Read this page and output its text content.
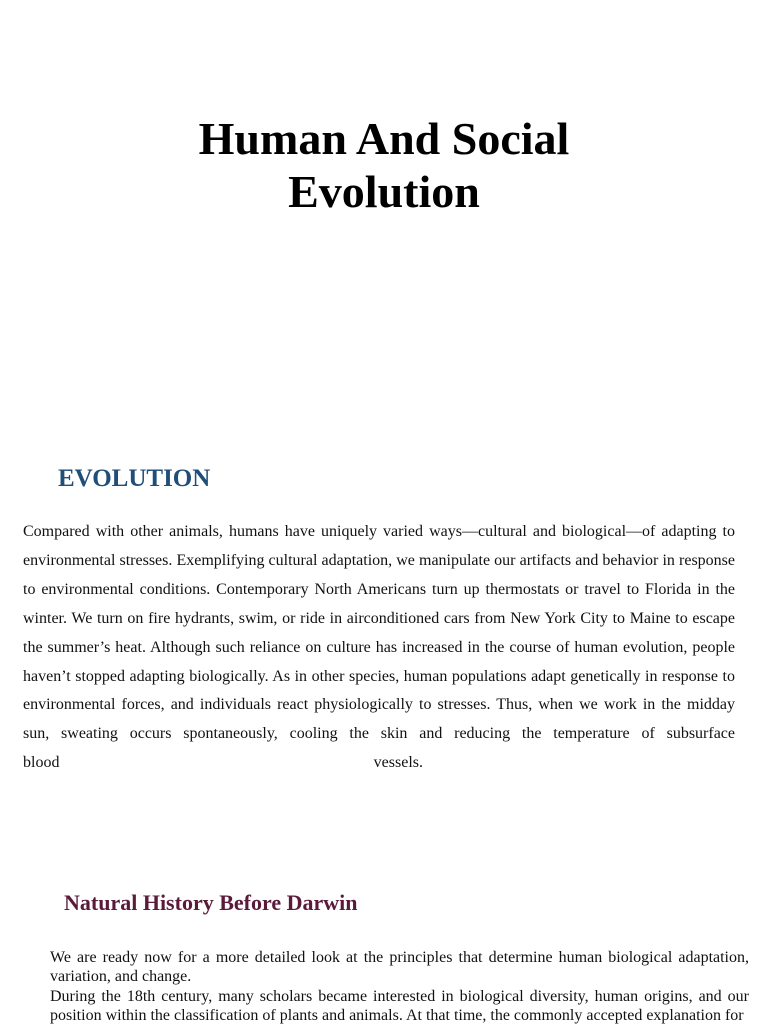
Human And Social
Evolution
EVOLUTION

Compared with other animals, humans have uniquely varied ways—cultural and biological—of adapting to environmental stresses. Exemplifying cultural adaptation, we manipulate our artifacts and behavior in response to environmental conditions. Contemporary North Americans turn up thermostats or travel to Florida in the winter. We turn on fire hydrants, swim, or ride in airconditioned cars from New York City to Maine to escape the summer’s heat. Although such reliance on culture has increased in the course of human evolution, people haven’t stopped adapting biologically. As in other species, human populations adapt genetically in response to environmental forces, and individuals react physiologically to stresses. Thus, when we work in the midday sun, sweating occurs spontaneously, cooling the skin and reducing the temperature of subsurface

blood	vessels.
Natural History Before Darwin

We are ready now for a more detailed look at the principles that determine human biological adaptation, variation, and change.

During the 18th century, many scholars became interested in biological diversity, human origins, and our position within the classification of plants and animals. At that time, the commonly accepted explanation for
